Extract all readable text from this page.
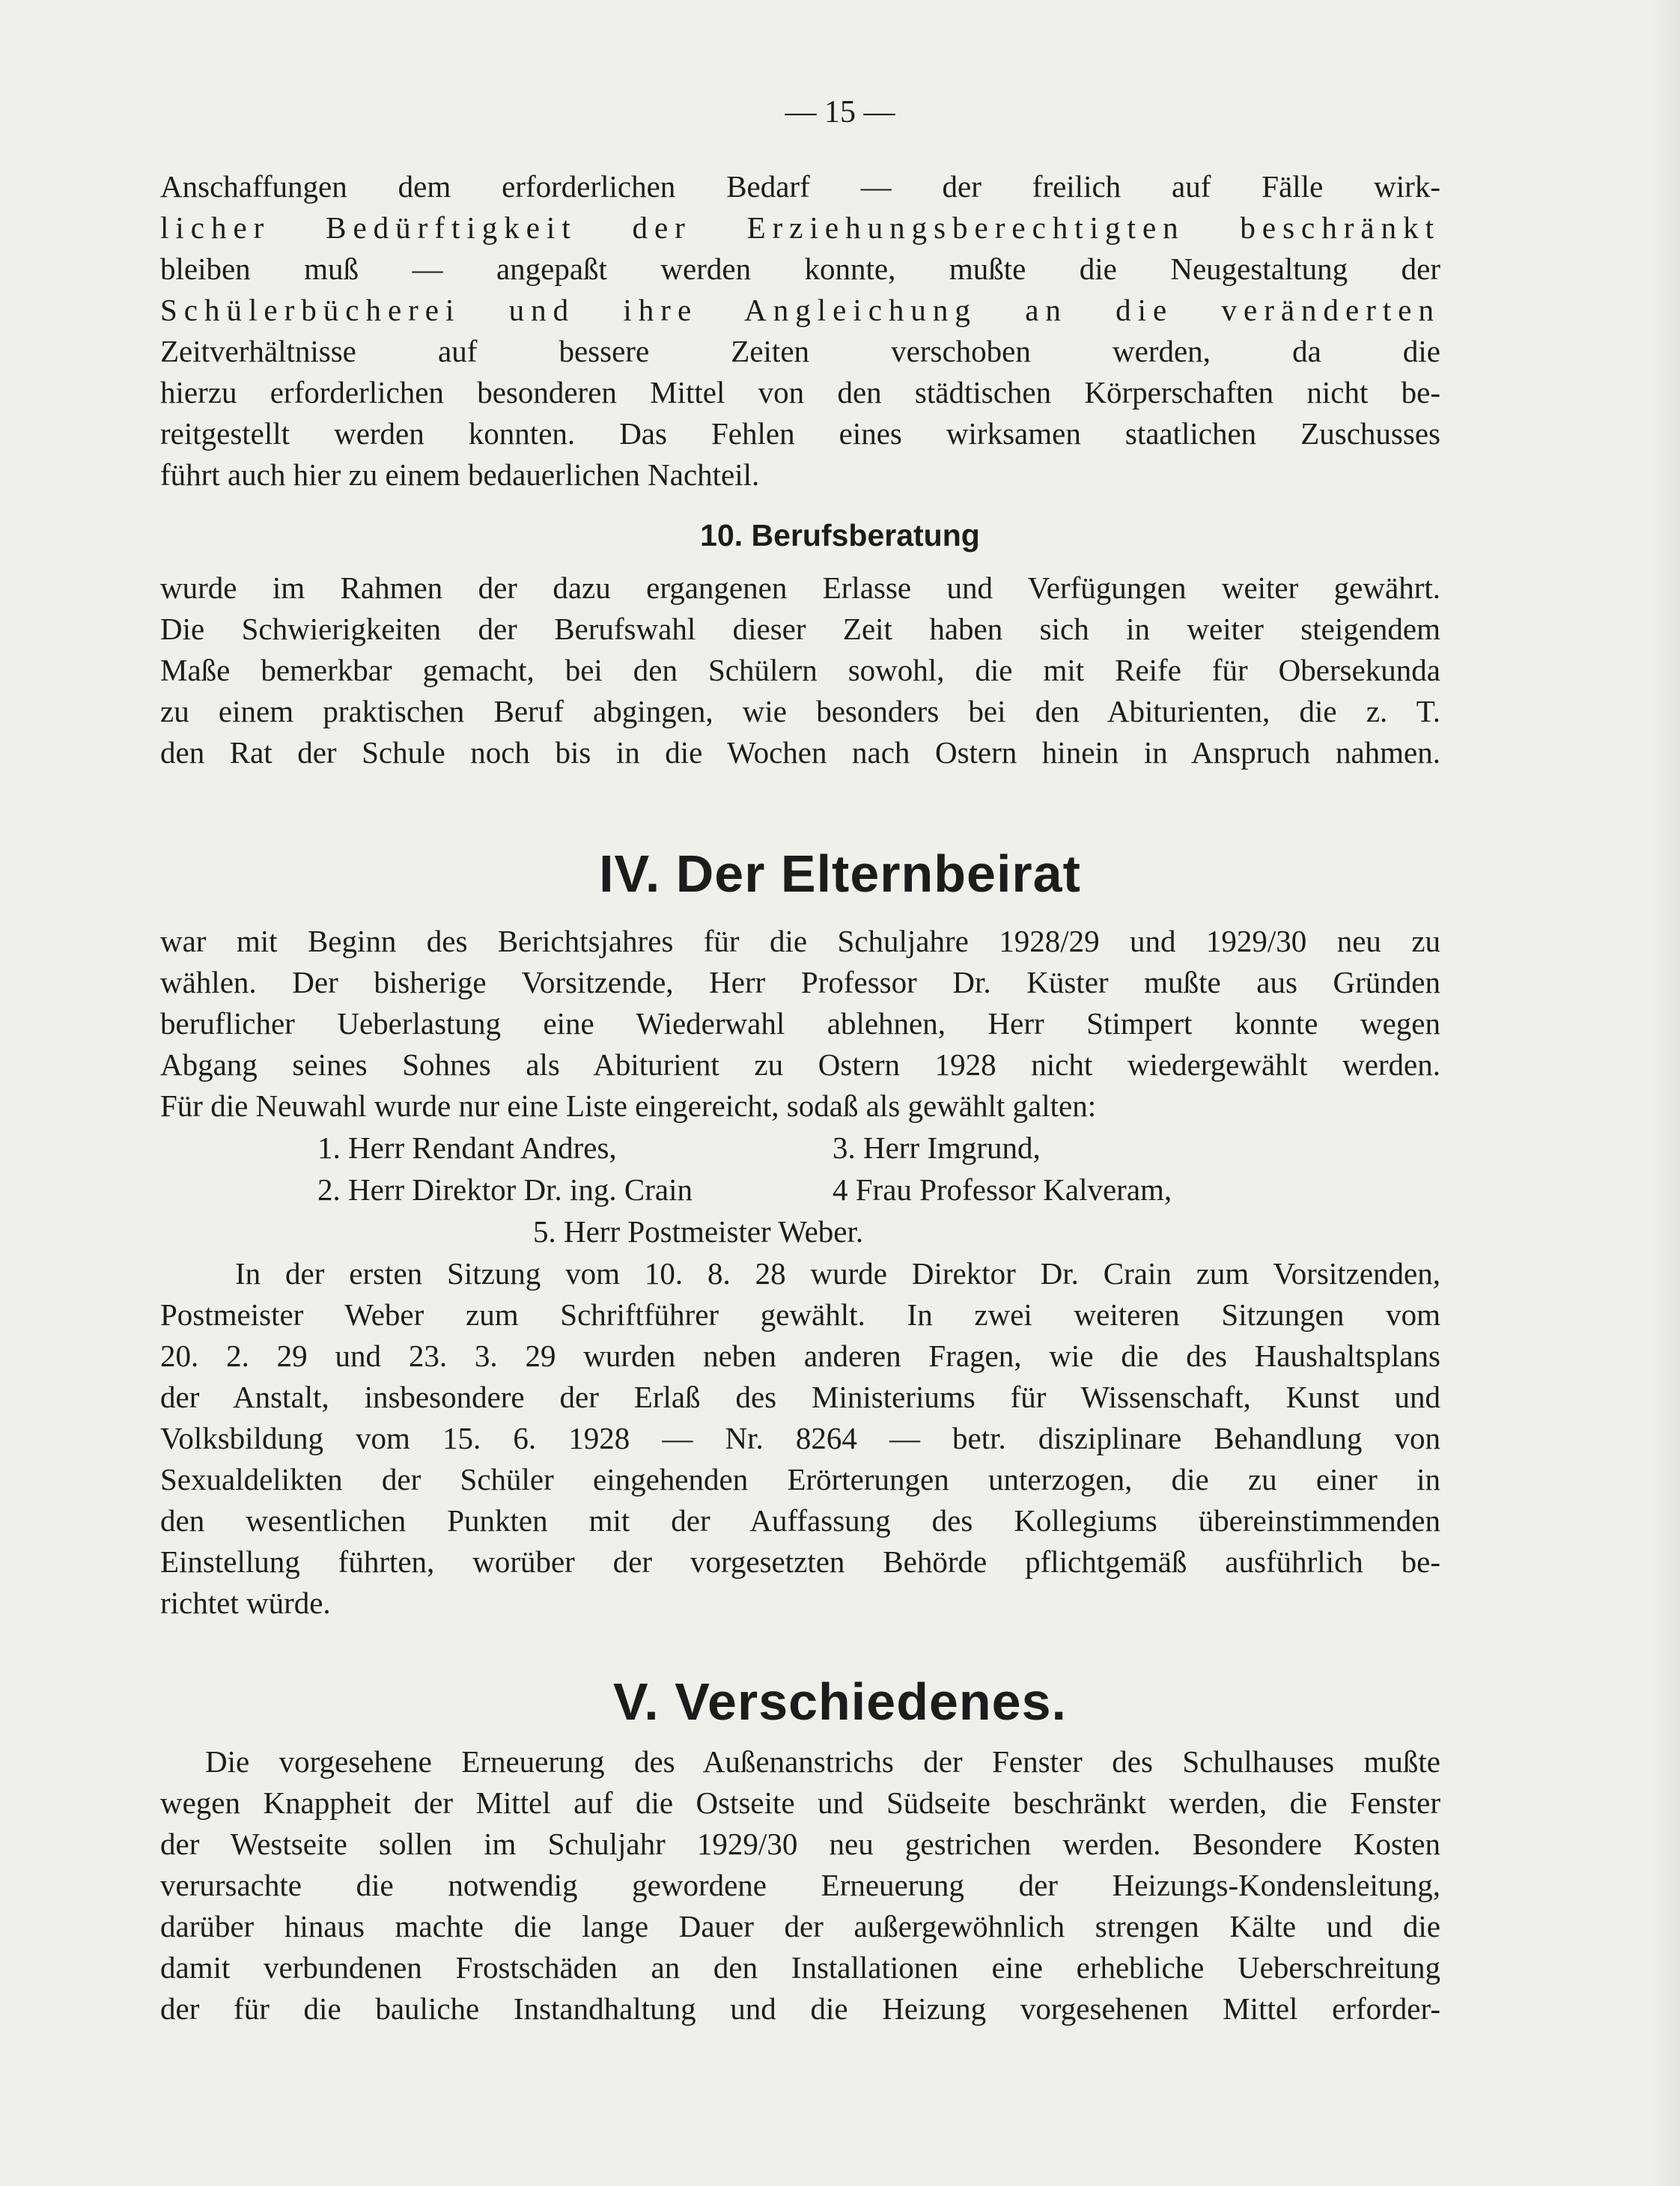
— 15 —
Anschaffungen dem erforderlichen Bedarf — der freilich auf Fälle wirk-
licher Bedürftigkeit der Erziehungsberechtigten beschränkt
bleiben muß — angepaßt werden konnte, mußte die Neugestaltung der
Schülerbücherei und ihre Angleichung an die veränderten
Zeitverhältnisse auf bessere Zeiten verschoben werden, da die
hierzu erforderlichen besonderen Mittel von den städtischen Körperschaften nicht be-
reitgestellt werden konnten. Das Fehlen eines wirksamen staatlichen Zuschusses
führt auch hier zu einem bedauerlichen Nachteil.
10. Berufsberatung
wurde im Rahmen der dazu ergangenen Erlasse und Verfügungen weiter gewährt.
Die Schwierigkeiten der Berufswahl dieser Zeit haben sich in weiter steigendem
Maße bemerkbar gemacht, bei den Schülern sowohl, die mit Reife für Obersekunda
zu einem praktischen Beruf abgingen, wie besonders bei den Abiturienten, die z. T.
den Rat der Schule noch bis in die Wochen nach Ostern hinein in Anspruch nahmen.
IV. Der Elternbeirat
war mit Beginn des Berichtsjahres für die Schuljahre 1928/29 und 1929/30 neu zu
wählen. Der bisherige Vorsitzende, Herr Professor Dr. Küster mußte aus Gründen
beruflicher Ueberlastung eine Wiederwahl ablehnen, Herr Stimpert konnte wegen
Abgang seines Sohnes als Abiturient zu Ostern 1928 nicht wiedergewählt werden.
Für die Neuwahl wurde nur eine Liste eingereicht, sodaß als gewählt galten:
1. Herr Rendant Andres,	3. Herr Imgrund,
2. Herr Direktor Dr. ing. Crain	4 Frau Professor Kalveram,
5. Herr Postmeister Weber.
In der ersten Sitzung vom 10. 8. 28 wurde Direktor Dr. Crain zum Vorsitzenden,
Postmeister Weber zum Schriftführer gewählt. In zwei weiteren Sitzungen vom
20. 2. 29 und 23. 3. 29 wurden neben anderen Fragen, wie die des Haushaltsplans
der Anstalt, insbesondere der Erlaß des Ministeriums für Wissenschaft, Kunst und
Volksbildung vom 15. 6. 1928 — Nr. 8264 — betr. disziplinare Behandlung von
Sexualdelikten der Schüler eingehenden Erörterungen unterzogen, die zu einer in
den wesentlichen Punkten mit der Auffassung des Kollegiums übereinstimmenden
Einstellung führten, worüber der vorgesetzten Behörde pflichtgemäß ausführlich be-
richtet würde.
V. Verschiedenes.
Die vorgesehene Erneuerung des Außenanstrichs der Fenster des Schulhauses mußte
wegen Knappheit der Mittel auf die Ostseite und Südseite beschränkt werden, die Fenster
der Westseite sollen im Schuljahr 1929/30 neu gestrichen werden. Besondere Kosten
verursachte die notwendig gewordene Erneuerung der Heizungs-Kondensleitung,
darüber hinaus machte die lange Dauer der außergewöhnlich strengen Kälte und die
damit verbundenen Frostschäden an den Installationen eine erhebliche Ueberschreitung
der für die bauliche Instandhaltung und die Heizung vorgesehenen Mittel erforder-
